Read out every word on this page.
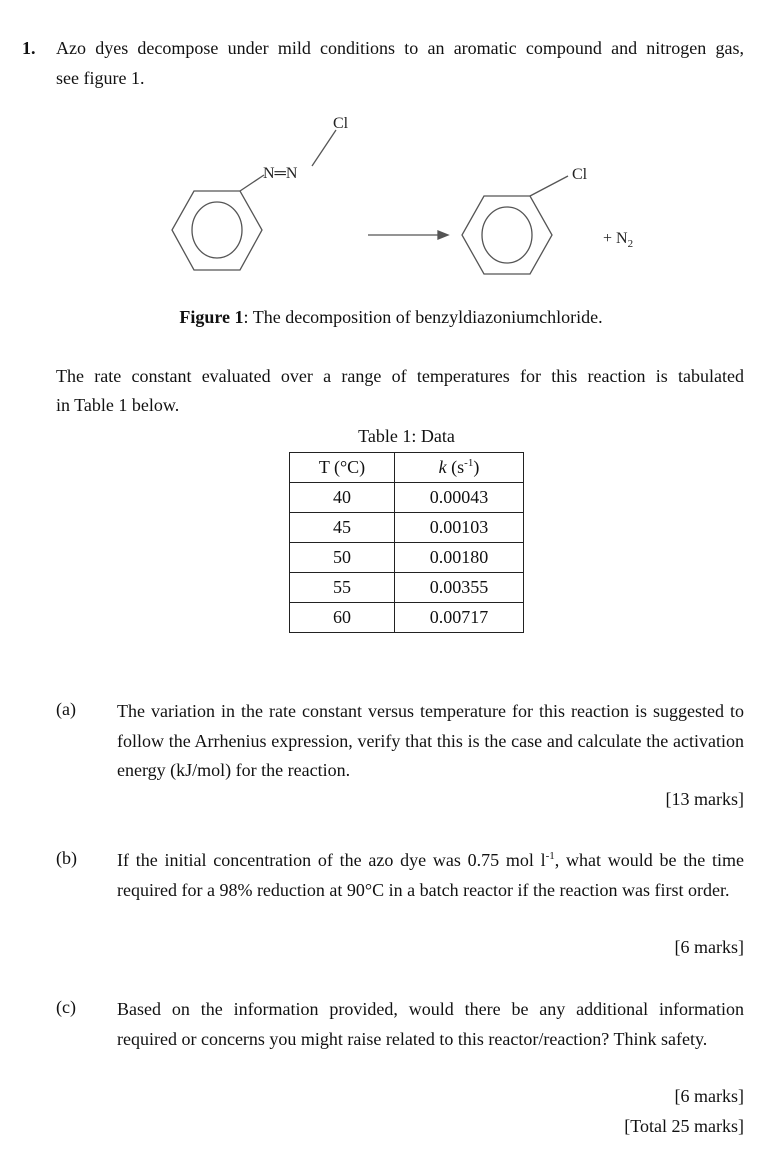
1. Azo dyes decompose under mild conditions to an aromatic compound and nitrogen gas,
see figure 1.
Cl
N═N	Cl
+ $N_2$
Figure 1: The decomposition of benzyldiazoniumchloride.
The rate constant evaluated over a range of temperatures for this reaction is tabulated
in Table 1 below.
Table 1: Data
T (°C)	k $(s^{-1})$
40	0.00043
45	0.00103
50	0.00180
55	0.00355
60	0.00717
(a) The variation in the rate constant versus temperature for this reaction is suggested to follow the Arrhenius expression, verify that this is the case and calculate the activation energy (kJ/mol) for the reaction.
[13 marks]
(b) If the initial concentration of the azo dye was 0.75 mol $l^{-1}$, what would be the time required for a 98% reduction at 90°C in a batch reactor if the reaction was first order.
[6 marks]
(c) Based on the information provided, would there be any additional information required or concerns you might raise related to this reactor/reaction? Think safety.
[6 marks]
[Total 25 marks]
